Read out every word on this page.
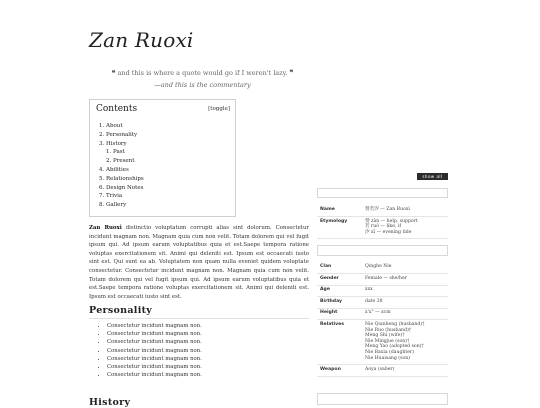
Zan Ruoxi
❝ and this is where a quote would go if I weren't lazy. ❞
—and this is the commentary
Contents	[toggle]
1. About
2. Personality
3. History
1. Past
2. Present
4. Abilities
5. Relationships
6. Design Notes
7. Trivia
8. Gallery
Zan Ruoxi distinctio voluptatum corrupti alias sint dolorum. Consectetur incidunt magnam non. Magnam quia cum non velit. Totam dolorem qui vel fugit ipsum qui. Ad ipsum earum voluptatibus quia et est.Saepe tempora ratione voluptas exercitationem sit. Animi qui deleniti est. Ipsum est occaecati iusto sint est. Qui sunt ea ab. Voluptatem non quam nulla eveniet quidem voluptate consectetur. Consectetur incidunt magnam non. Magnam quia cum non velit. Totam dolorem qui vel fugit ipsum qui. Ad ipsum earum voluptatibus quia et est.Saepe tempora ratione voluptas exercitationem sit. Animi qui deleniti est. Ipsum est occaecati iusto sint est.
Personality
• Consectetur incidunt magnam non.
• Consectetur incidunt magnam non.
• Consectetur incidunt magnam non.
• Consectetur incidunt magnam non.
• Consectetur incidunt magnam non.
• Consectetur incidunt magnam non.
• Consectetur incidunt magnam non.
History
show all
Name	赞若汐 — Zan Ruoxi
Etymology	赞 zàn — help, support
若 ruò — like, if
汐 xī — evening tide
Clan	Qinghe Nie
Gender	Female — she/her
Age	xxx
Birthday	date 28
Height	x'x" — xcm
Relatives	Nie Qianheng (husband)†
Nie Ruo (husband)†
Meng Shi (wife)†
Nie Mingjue (son)†
Meng Yao (adopted son)†
Nie Baxia (daughter)
Nie Huaisang (son)
Weapon	Aoya (saber)
